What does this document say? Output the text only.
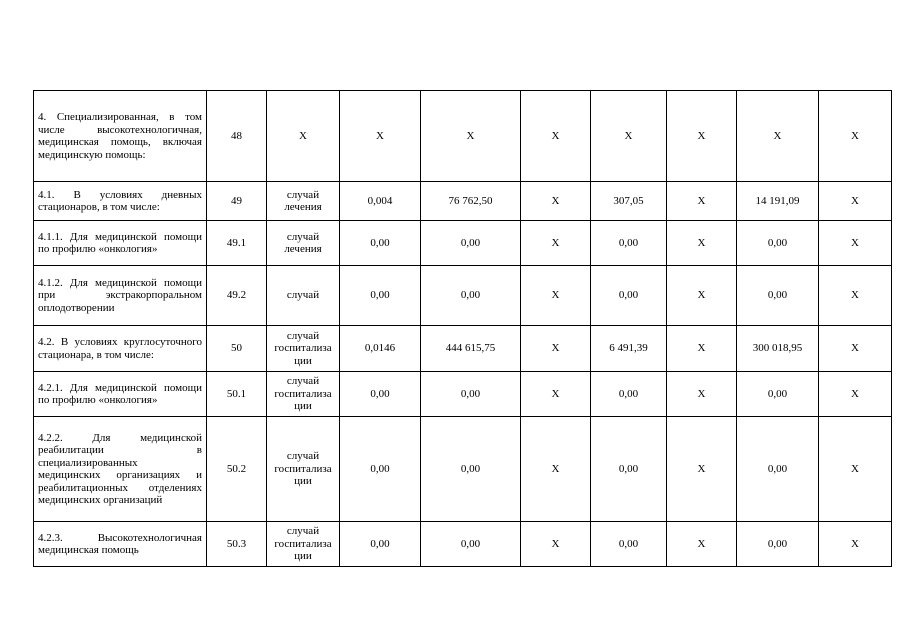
4. Специализированная, в том числе высокотехнологичная, медицинская помощь, включая медицинскую помощь:	48	X	X	X	X	X	X	X	X
4.1. В условиях дневных стационаров, в том числе:	49	случай лечения	0,004	76 762,50	X	307,05	X	14 191,09	X
4.1.1. Для медицинской помощи по профилю «онкология»	49.1	случай лечения	0,00	0,00	X	0,00	X	0,00	X
4.1.2. Для медицинской помощи при экстракорпоральном оплодотворении	49.2	случай	0,00	0,00	X	0,00	X	0,00	X
4.2. В условиях круглосуточного стационара, в том числе:	50	случай госпитализа ции	0,0146	444 615,75	X	6 491,39	X	300 018,95	X
4.2.1. Для медицинской помощи по профилю «онкология»	50.1	случай госпитализа ции	0,00	0,00	X	0,00	X	0,00	X
4.2.2. Для медицинской реабилитации в специализированных медицинских организациях и реабилитационных отделениях медицинских организаций	50.2	случай госпитализа ции	0,00	0,00	X	0,00	X	0,00	X
4.2.3. Высокотехнологичная медицинская помощь	50.3	случай госпитализа ции	0,00	0,00	X	0,00	X	0,00	X
